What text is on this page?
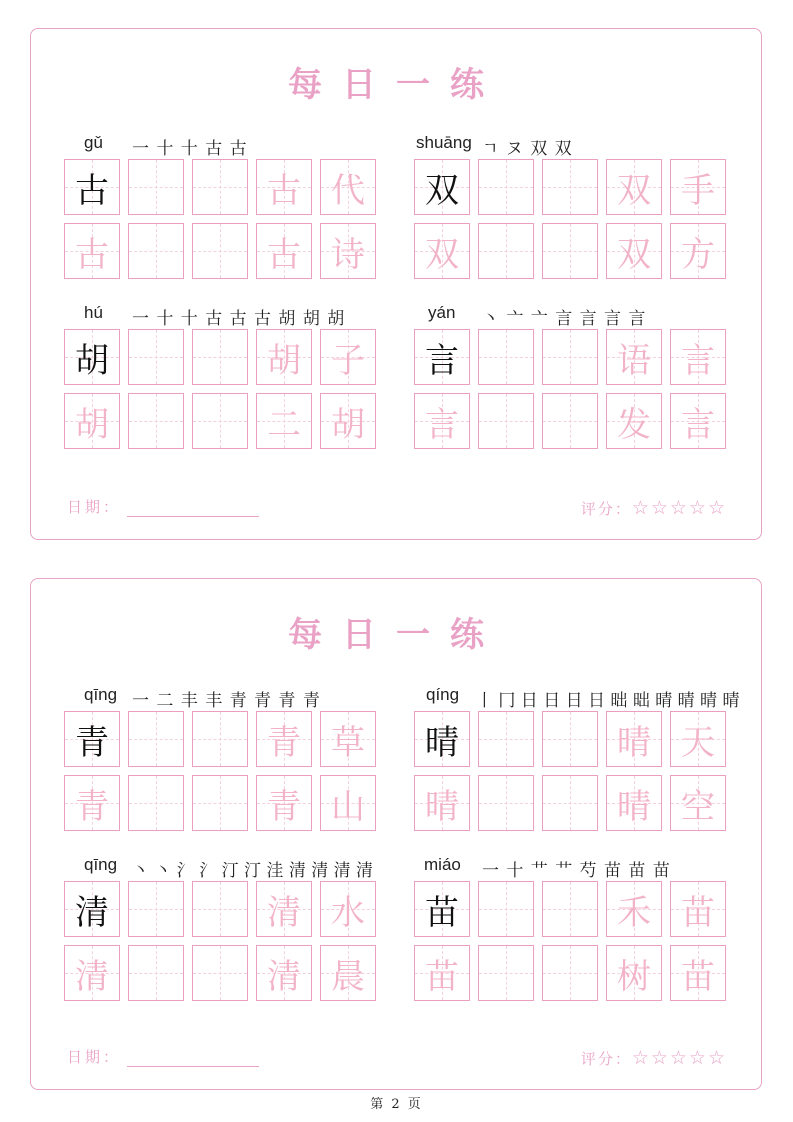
每日一练
gǔ 一 十 十 古 古
古	古 代
古	古 诗
shuāng ㄱ ヌ 双 双
双	双 手
双	双 方
hú 一 十 十 古 古 古 胡 胡 胡
胡	胡 子
胡	二 胡
yán 丶 亠 亠 言 言 言 言
言	语 言
言	发 言
日期：	评分：☆☆☆☆☆
每日一练
qīng 一 二 丰 丰 青 青 青 青
青	青 草
青	青 山
qíng 丨 冂 日 日 日 日 昢 昢 晴 晴 晴 晴
晴	晴 天
晴	晴 空
qīng 丶 丶 氵 氵 汀 汀 洼 清 清 清 清
清	清 水
清	清 晨
miáo 一 十 艹 艹 芍 苗 苗 苗
苗	禾 苗
苗	树 苗
日期：	评分：☆☆☆☆☆
第 2 页
